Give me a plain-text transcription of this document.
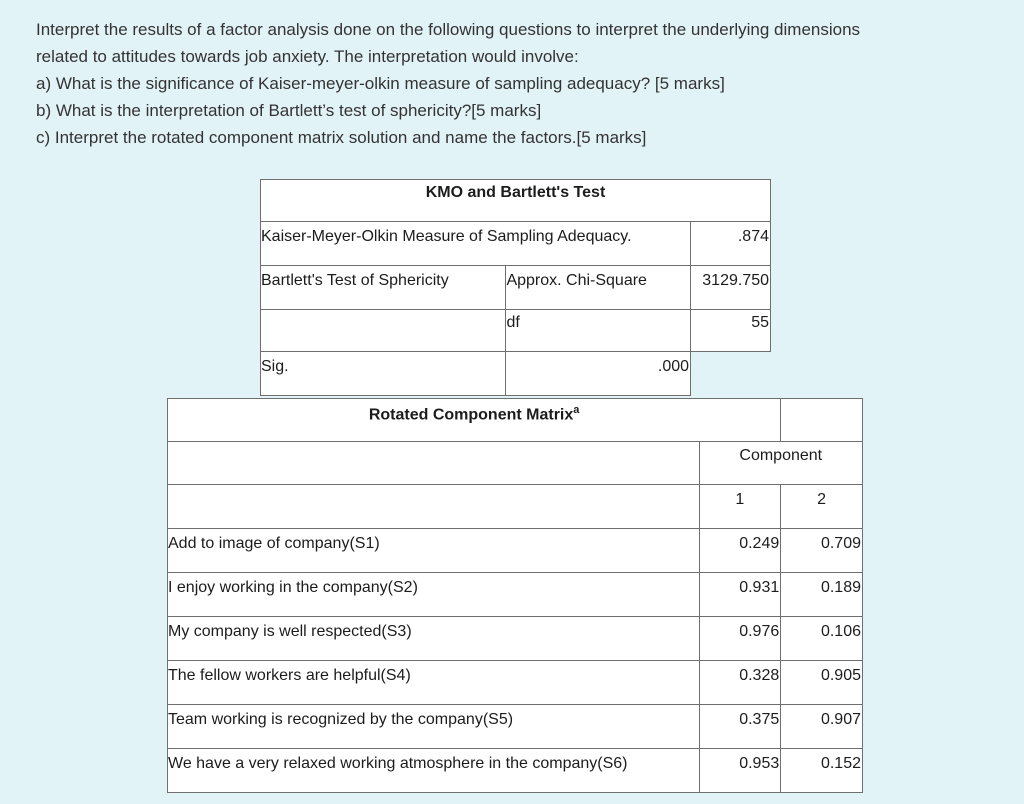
Interpret the results of a factor analysis done on the following questions to interpret the underlying dimensions
related to attitudes towards job anxiety. The interpretation would involve:
a) What is the significance of Kaiser-meyer-olkin measure of sampling adequacy? [5 marks]
b) What is the interpretation of Bartlett’s test of sphericity?[5 marks]
c) Interpret the rotated component matrix solution and name the factors.[5 marks]
KMO and Bartlett's Test		
Kaiser-Meyer-Olkin Measure of Sampling Adequacy.		.874
Bartlett's Test of Sphericity	Approx. Chi-Square	3129.750
	df	55
Sig.	.000	
Rotated Component Matrix$^a$	
	Component	
	1	2
Add to image of company(S1)	0.249	0.709
I enjoy working in the company(S2)	0.931	0.189
My company is well respected(S3)	0.976	0.106
The fellow workers are helpful(S4)	0.328	0.905
Team working is recognized by the company(S5)	0.375	0.907
We have a very relaxed working atmosphere in the company(S6)	0.953	0.152
